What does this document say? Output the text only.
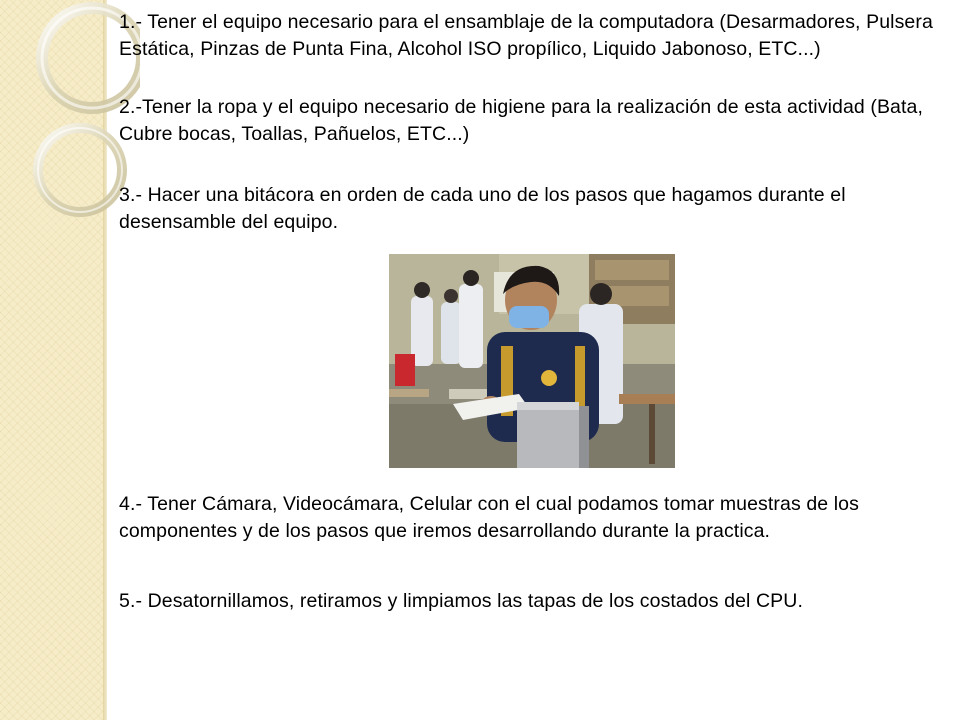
1.- Tener el equipo necesario para el ensamblaje de la computadora (Desarmadores, Pulsera Estática, Pinzas de Punta Fina, Alcohol ISO propílico, Liquido Jabonoso, ETC...)

2.-Tener la ropa y el equipo necesario de higiene para la realización de esta actividad (Bata, Cubre bocas, Toallas, Pañuelos, ETC...)

3.- Hacer una bitácora en orden de cada uno de los pasos que hagamos durante el desensamble del equipo.

4.- Tener Cámara, Videocámara, Celular con el cual podamos tomar muestras de los componentes y de los pasos que iremos desarrollando durante la practica.

5.- Desatornillamos, retiramos y limpiamos las tapas de los costados del CPU.
